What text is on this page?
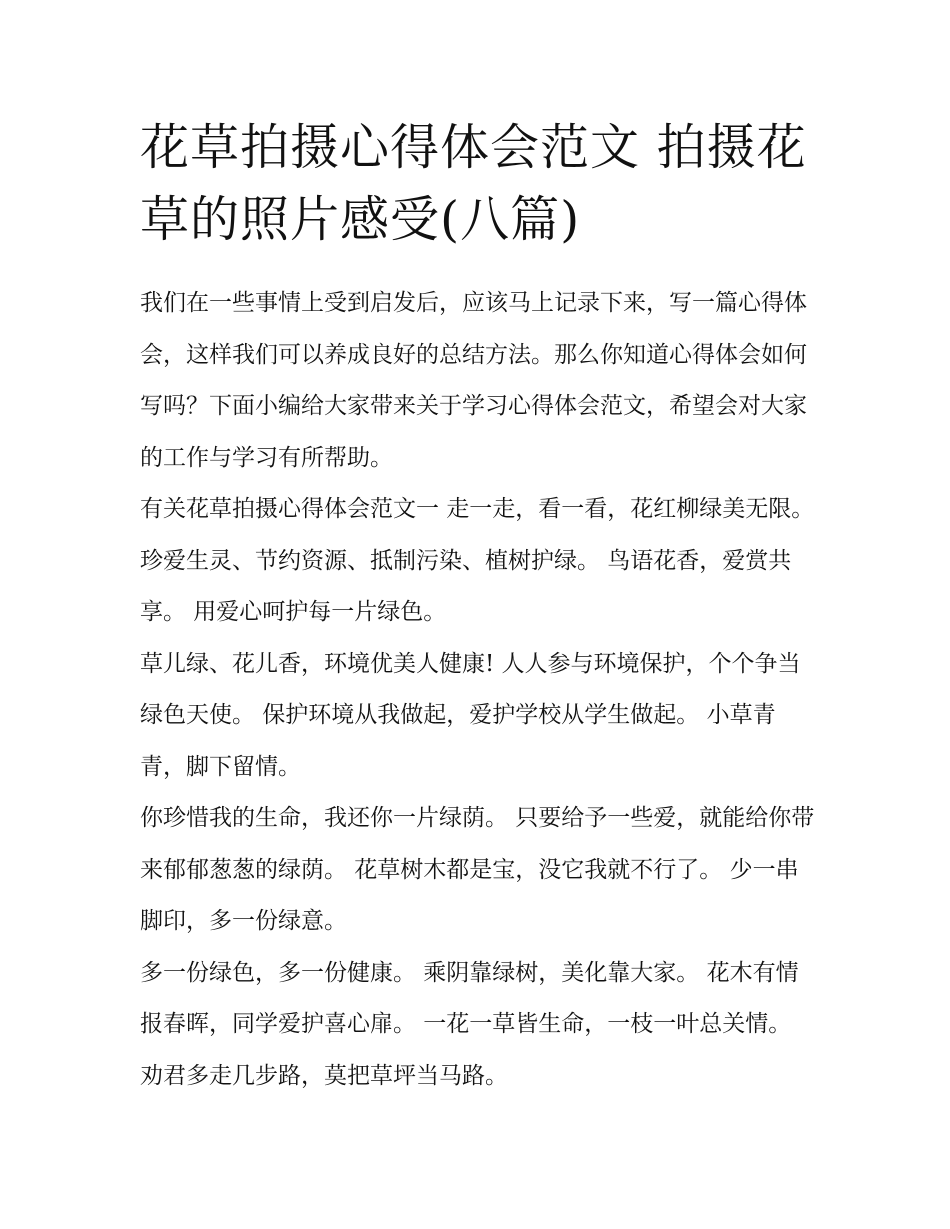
花草拍摄心得体会范文 拍摄花草的照片感受(八篇)

我们在一些事情上受到启发后，应该马上记录下来，写一篇心得体会，这样我们可以养成良好的总结方法。那么你知道心得体会如何写吗？下面小编给大家带来关于学习心得体会范文，希望会对大家的工作与学习有所帮助。

有关花草拍摄心得体会范文一 走一走，看一看，花红柳绿美无限。 珍爱生灵、节约资源、抵制污染、植树护绿。 鸟语花香，爱赏共享。 用爱心呵护每一片绿色。

草儿绿、花儿香，环境优美人健康! 人人参与环境保护，个个争当绿色天使。 保护环境从我做起，爱护学校从学生做起。 小草青青，脚下留情。

你珍惜我的生命，我还你一片绿荫。 只要给予一些爱，就能给你带来郁郁葱葱的绿荫。 花草树木都是宝，没它我就不行了。 少一串脚印，多一份绿意。

多一份绿色，多一份健康。 乘阴靠绿树，美化靠大家。 花木有情报春晖，同学爱护喜心扉。 一花一草皆生命，一枝一叶总关情。 劝君多走几步路，莫把草坪当马路。
